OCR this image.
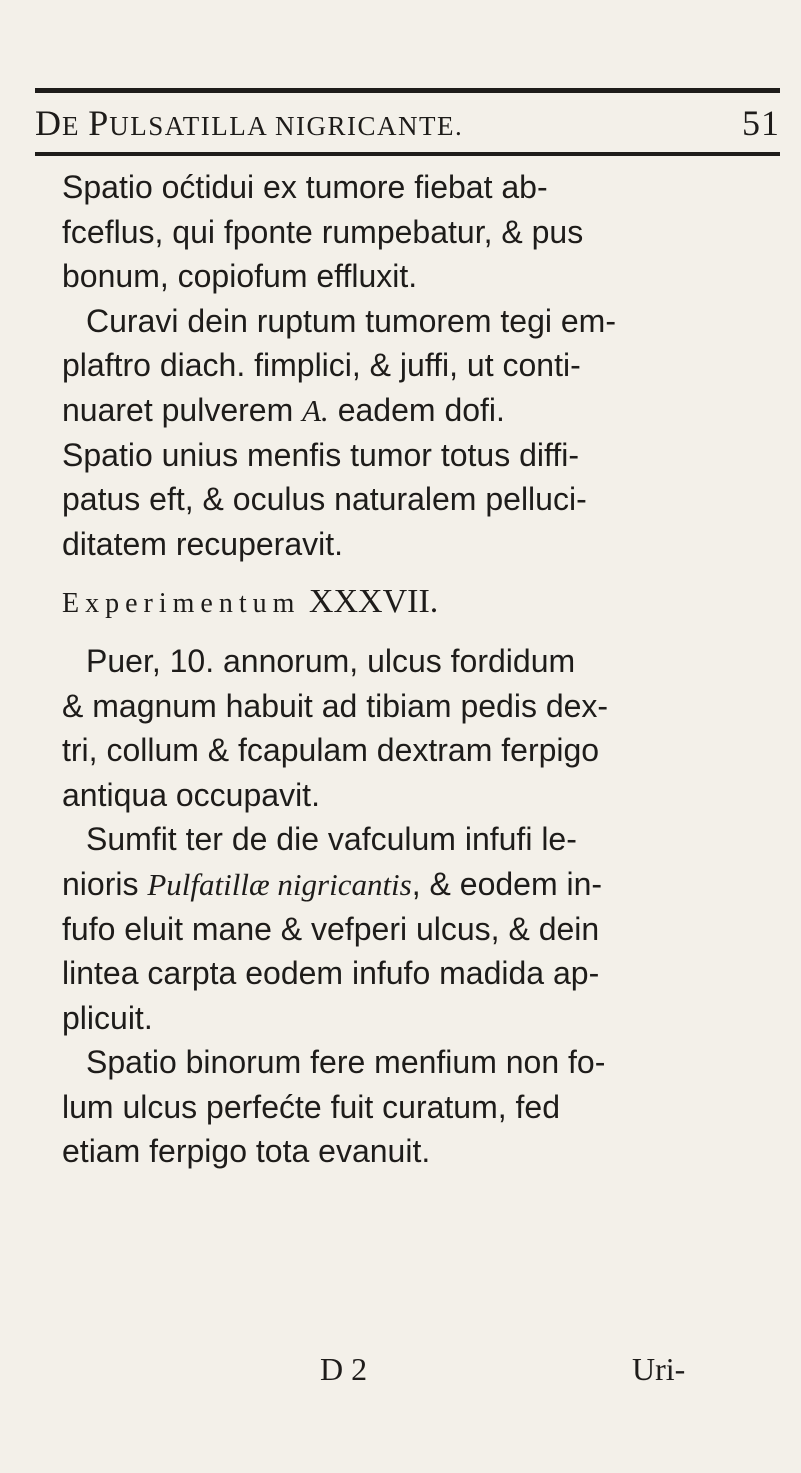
DE PULSATILLA NIGRICANTE.	51
Spatio oćtidui ex tumore fiebat ab-
fceflus, qui fponte rumpebatur, & pus
bonum, copiofum effluxit.
Curavi dein ruptum tumorem tegi em-
plaftro diach. fimplici, & juffi, ut conti-
nuaret pulverem A. eadem dofi.
Spatio unius menfis tumor totus diffi-
patus eft, & oculus naturalem pelluci-
ditatem recuperavit.
Experimentum XXXVII.
Puer, 10. annorum, ulcus fordidum
& magnum habuit ad tibiam pedis dex-
tri, collum & fcapulam dextram ferpigo
antiqua occupavit.
Sumfit ter de die vafculum infufi le-
nioris Pulfatillæ nigricantis, & eodem in-
fufo eluit mane & vefperi ulcus, & dein
lintea carpta eodem infufo madida ap-
plicuit.
Spatio binorum fere menfium non fo-
lum ulcus perfećte fuit curatum, fed
etiam ferpigo tota evanuit.
D 2	Uri-
